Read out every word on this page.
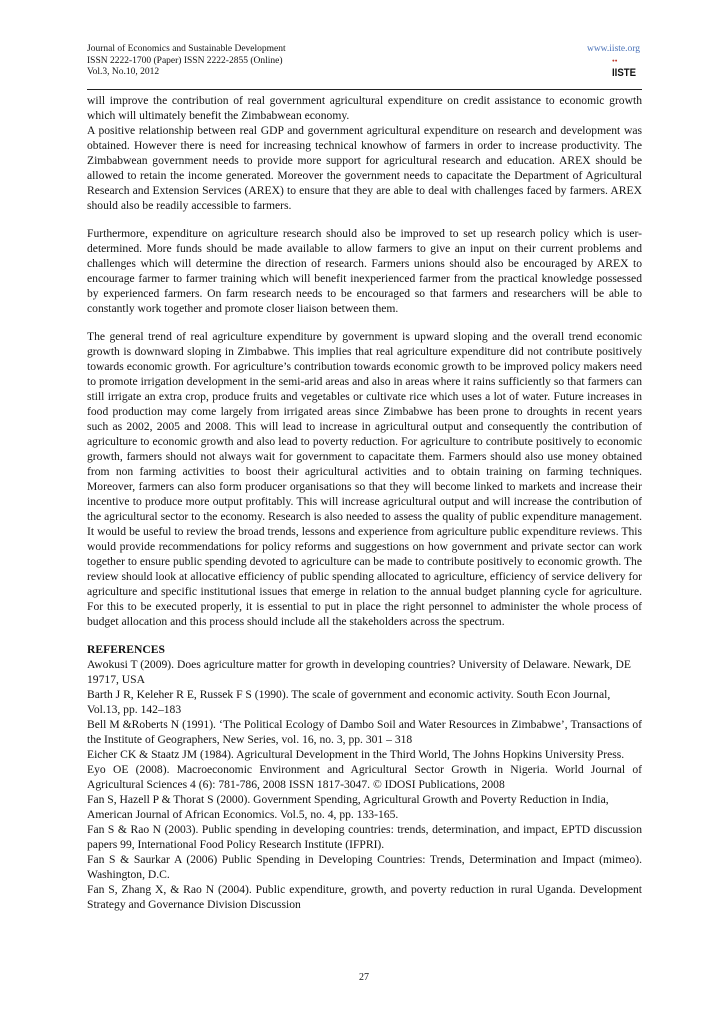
Journal of Economics and Sustainable Development
ISSN 2222-1700 (Paper) ISSN 2222-2855 (Online)
Vol.3, No.10, 2012
www.iiste.org
●●
IISTE

will improve the contribution of real government agricultural expenditure on credit assistance to economic growth which will ultimately benefit the Zimbabwean economy.

A positive relationship between real GDP and government agricultural expenditure on research and development was obtained. However there is need for increasing technical knowhow of farmers in order to increase productivity. The Zimbabwean government needs to provide more support for agricultural research and education. AREX should be allowed to retain the income generated. Moreover the government needs to capacitate the Department of Agricultural Research and Extension Services (AREX) to ensure that they are able to deal with challenges faced by farmers. AREX should also be readily accessible to farmers.

Furthermore, expenditure on agriculture research should also be improved to set up research policy which is user-determined. More funds should be made available to allow farmers to give an input on their current problems and challenges which will determine the direction of research. Farmers unions should also be encouraged by AREX to encourage farmer to farmer training which will benefit inexperienced farmer from the practical knowledge possessed by experienced farmers. On farm research needs to be encouraged so that farmers and researchers will be able to constantly work together and promote closer liaison between them.

The general trend of real agriculture expenditure by government is upward sloping and the overall trend economic growth is downward sloping in Zimbabwe. This implies that real agriculture expenditure did not contribute positively towards economic growth. For agriculture’s contribution towards economic growth to be improved policy makers need to promote irrigation development in the semi-arid areas and also in areas where it rains sufficiently so that farmers can still irrigate an extra crop, produce fruits and vegetables or cultivate rice which uses a lot of water. Future increases in food production may come largely from irrigated areas since Zimbabwe has been prone to droughts in recent years such as 2002, 2005 and 2008. This will lead to increase in agricultural output and consequently the contribution of agriculture to economic growth and also lead to poverty reduction. For agriculture to contribute positively to economic growth, farmers should not always wait for government to capacitate them. Farmers should also use money obtained from non farming activities to boost their agricultural activities and to obtain training on farming techniques. Moreover, farmers can also form producer organisations so that they will become linked to markets and increase their incentive to produce more output profitably. This will increase agricultural output and will increase the contribution of the agricultural sector to the economy. Research is also needed to assess the quality of public expenditure management. It would be useful to review the broad trends, lessons and experience from agriculture public expenditure reviews. This would provide recommendations for policy reforms and suggestions on how government and private sector can work together to ensure public spending devoted to agriculture can be made to contribute positively to economic growth. The review should look at allocative efficiency of public spending allocated to agriculture, efficiency of service delivery for agriculture and specific institutional issues that emerge in relation to the annual budget planning cycle for agriculture. For this to be executed properly, it is essential to put in place the right personnel to administer the whole process of budget allocation and this process should include all the stakeholders across the spectrum.

REFERENCES

Awokusi T (2009). Does agriculture matter for growth in developing countries? University of Delaware. Newark, DE 19717, USA

Barth J R, Keleher R E, Russek F S (1990). The scale of government and economic activity. South Econ Journal, Vol.13, pp. 142–183

Bell M &Roberts N (1991). ‘The Political Ecology of Dambo Soil and Water Resources in Zimbabwe’, Transactions of the Institute of Geographers, New Series, vol. 16, no. 3, pp. 301 – 318

Eicher CK & Staatz JM (1984). Agricultural Development in the Third World, The Johns Hopkins University Press.

Eyo OE (2008). Macroeconomic Environment and Agricultural Sector Growth in Nigeria. World Journal of Agricultural Sciences 4 (6): 781-786, 2008 ISSN 1817-3047. © IDOSI Publications, 2008

Fan S, Hazell P & Thorat S (2000). Government Spending, Agricultural Growth and Poverty Reduction in India, American Journal of African Economics. Vol.5, no. 4, pp. 133-165.

Fan S & Rao N (2003). Public spending in developing countries: trends, determination, and impact, EPTD discussion papers 99, International Food Policy Research Institute (IFPRI).

Fan S & Saurkar A (2006) Public Spending in Developing Countries: Trends, Determination and Impact (mimeo). Washington, D.C.

Fan S, Zhang X, & Rao N (2004). Public expenditure, growth, and poverty reduction in rural Uganda. Development Strategy and Governance Division Discussion

27
